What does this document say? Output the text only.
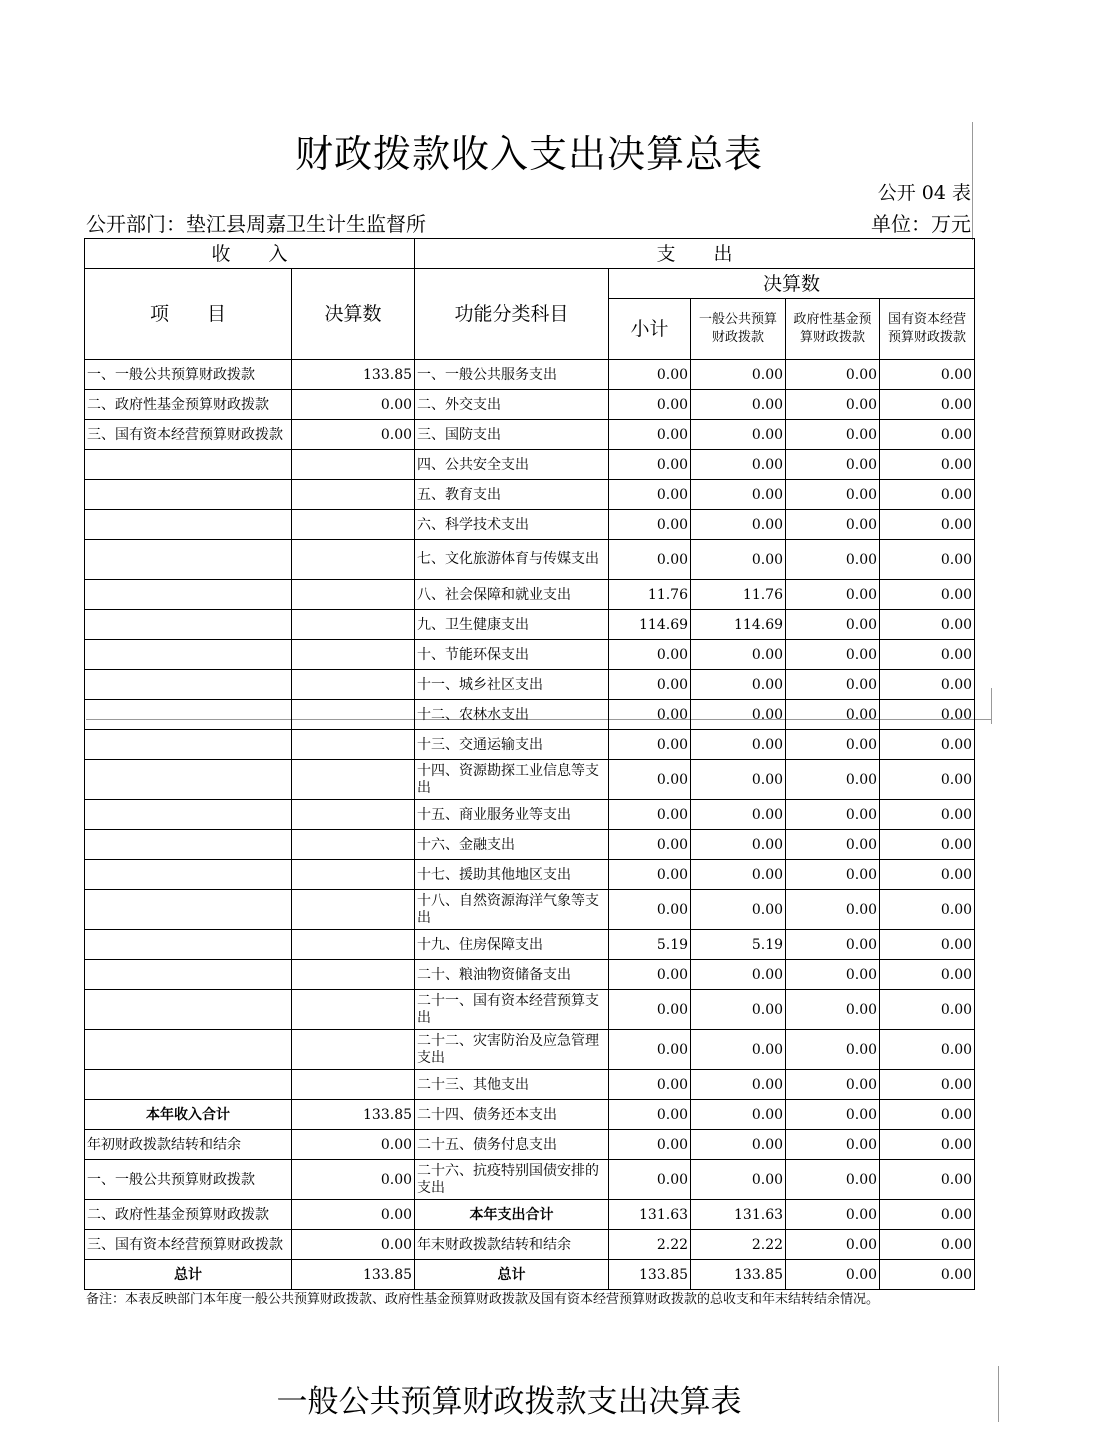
财政拨款收入支出决算总表
公开 04 表
公开部门：垫江县周嘉卫生计生监督所	单位：万元
收　　入		支　　出				
项　　目	决算数	功能分类科目	决算数			
			小计	一般公共预算财政拨款	政府性基金预算财政拨款	国有资本经营预算财政拨款
一、一般公共预算财政拨款	133.85	一、一般公共服务支出	0.00	0.00	0.00	0.00
二、政府性基金预算财政拨款	0.00	二、外交支出	0.00	0.00	0.00	0.00
三、国有资本经营预算财政拨款	0.00	三、国防支出	0.00	0.00	0.00	0.00
		四、公共安全支出	0.00	0.00	0.00	0.00
		五、教育支出	0.00	0.00	0.00	0.00
		六、科学技术支出	0.00	0.00	0.00	0.00
		七、文化旅游体育与传媒支出	0.00	0.00	0.00	0.00
		八、社会保障和就业支出	11.76	11.76	0.00	0.00
		九、卫生健康支出	114.69	114.69	0.00	0.00
		十、节能环保支出	0.00	0.00	0.00	0.00
		十一、城乡社区支出	0.00	0.00	0.00	0.00
		十二、农林水支出	0.00	0.00	0.00	0.00
		十三、交通运输支出	0.00	0.00	0.00	0.00
		十四、资源勘探工业信息等支出	0.00	0.00	0.00	0.00
		十五、商业服务业等支出	0.00	0.00	0.00	0.00
		十六、金融支出	0.00	0.00	0.00	0.00
		十七、援助其他地区支出	0.00	0.00	0.00	0.00
		十八、自然资源海洋气象等支出	0.00	0.00	0.00	0.00
		十九、住房保障支出	5.19	5.19	0.00	0.00
		二十、粮油物资储备支出	0.00	0.00	0.00	0.00
		二十一、国有资本经营预算支出	0.00	0.00	0.00	0.00
		二十二、灾害防治及应急管理支出	0.00	0.00	0.00	0.00
		二十三、其他支出	0.00	0.00	0.00	0.00
本年收入合计	133.85	二十四、债务还本支出	0.00	0.00	0.00	0.00
年初财政拨款结转和结余	0.00	二十五、债务付息支出	0.00	0.00	0.00	0.00
一、一般公共预算财政拨款	0.00	二十六、抗疫特别国债安排的支出	0.00	0.00	0.00	0.00
二、政府性基金预算财政拨款	0.00	本年支出合计	131.63	131.63	0.00	0.00
三、国有资本经营预算财政拨款	0.00	年末财政拨款结转和结余	2.22	2.22	0.00	0.00
总计	133.85	总计	133.85	133.85	0.00	0.00
备注：本表反映部门本年度一般公共预算财政拨款、政府性基金预算财政拨款及国有资本经营预算财政拨款的总收支和年末结转结余情况。
一般公共预算财政拨款支出决算表
